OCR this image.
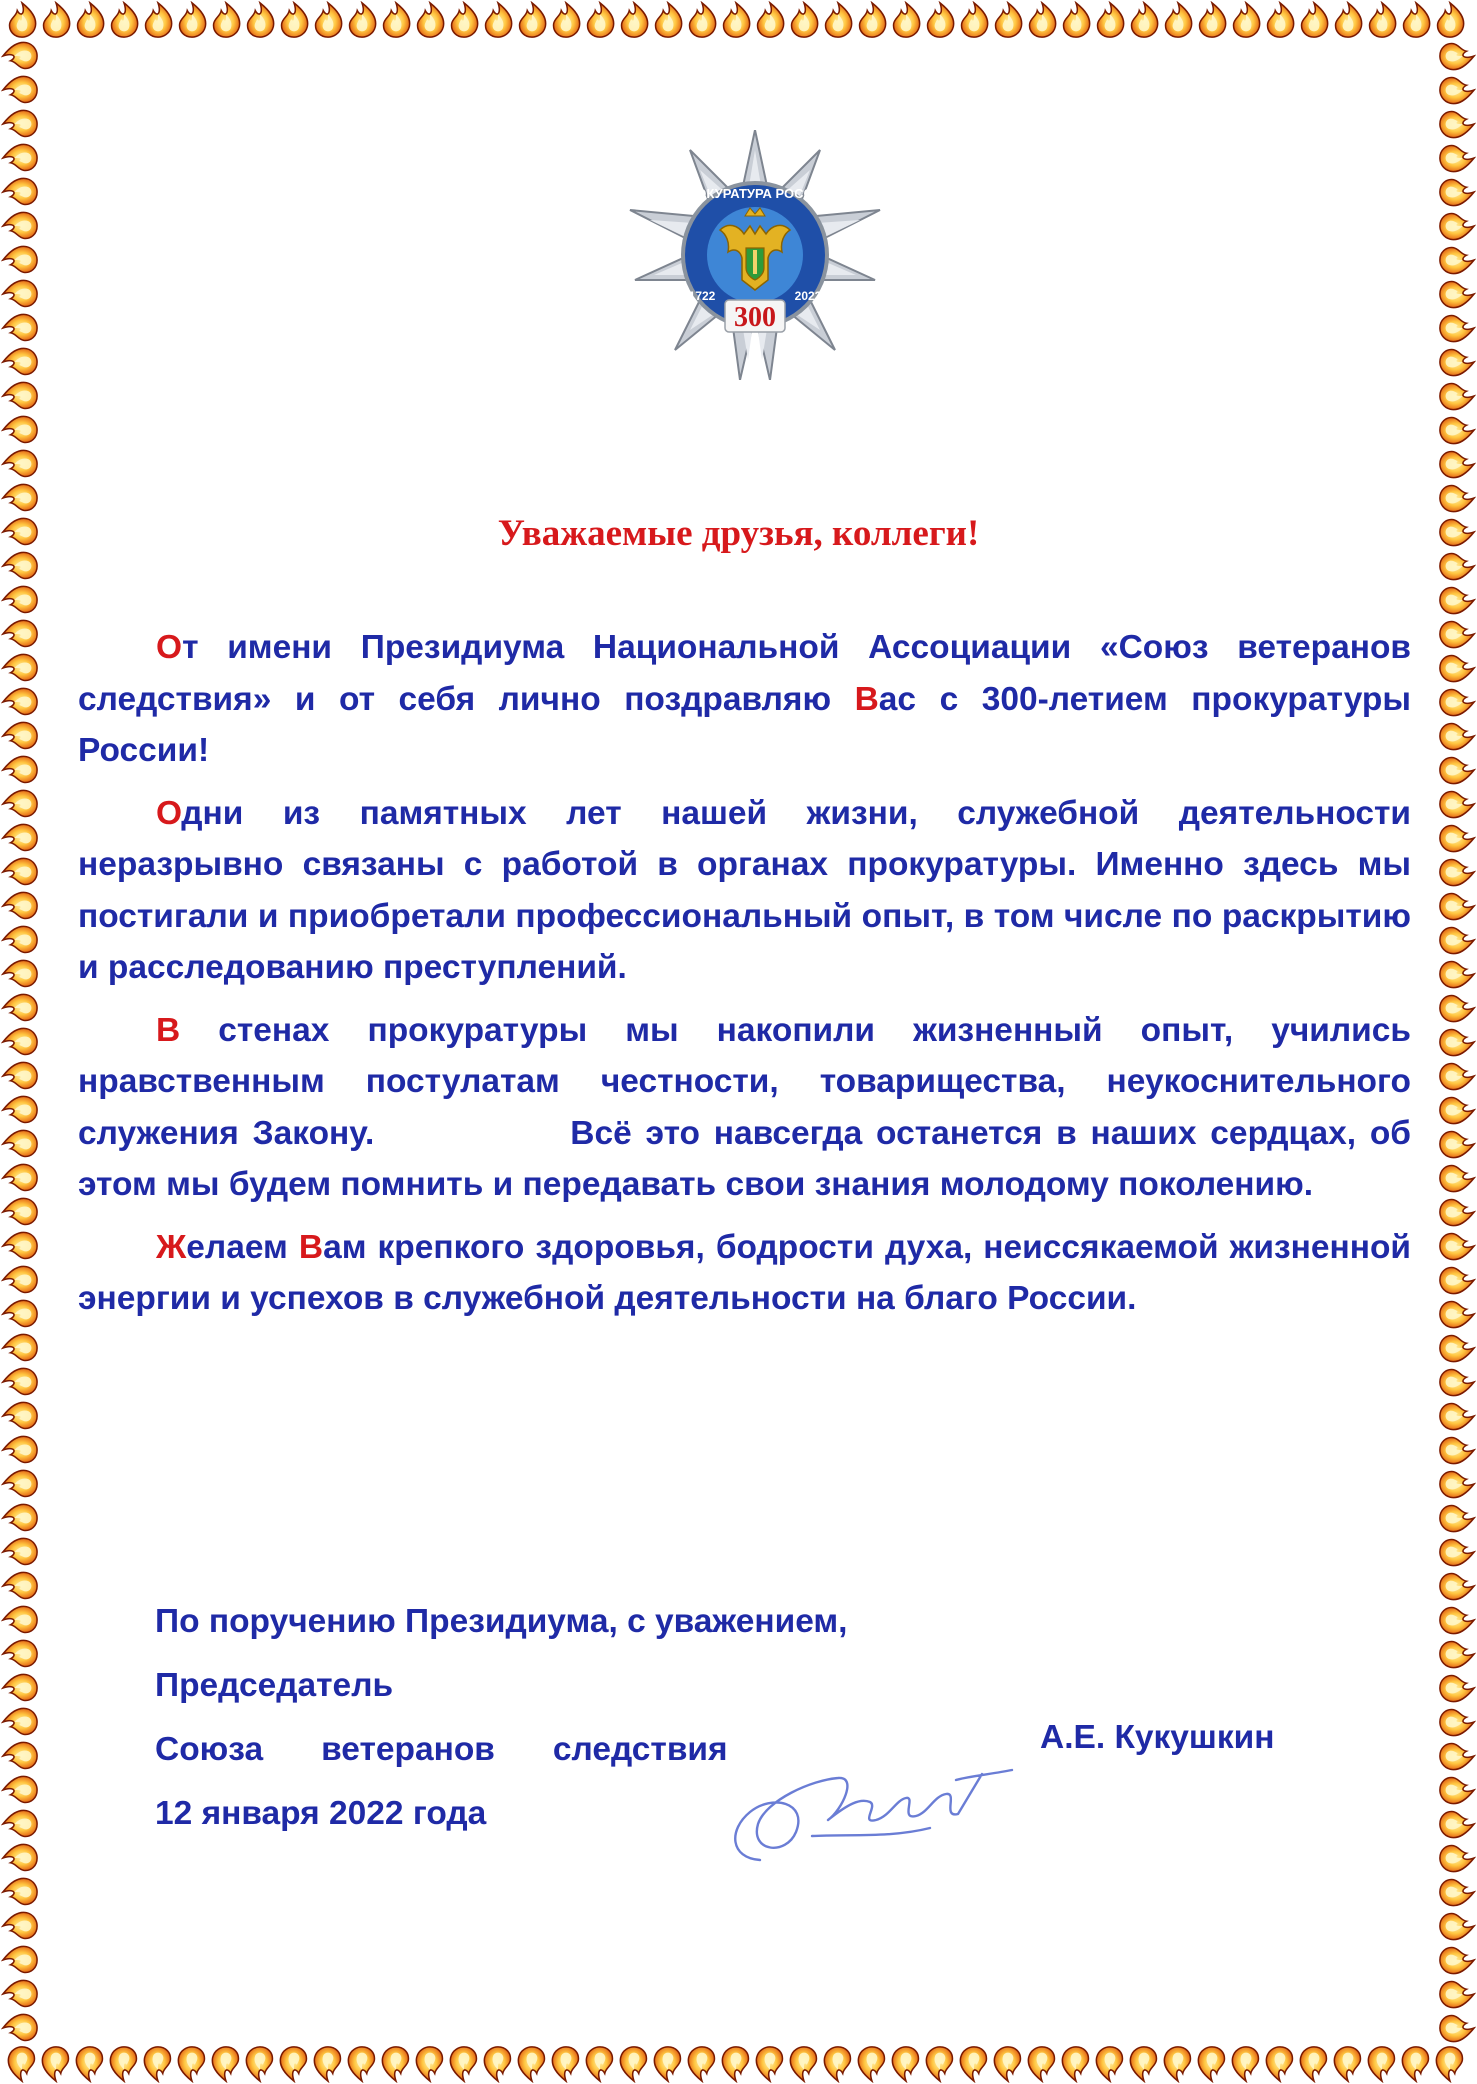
ПРОКУРАТУРА РОССИИ
1722	2022
300
Уважаемые друзья, коллеги!

От имени Президиума Национальной Ассоциации «Союз ветеранов следствия» и от себя лично поздравляю Вас с 300-летием прокуратуры России!

Одни из памятных лет нашей жизни, служебной деятельности неразрывно связаны с работой в органах прокуратуры. Именно здесь мы постигали и приобретали профессиональный опыт, в том числе по раскрытию и расследованию преступлений.

В стенах прокуратуры мы накопили жизненный опыт, учились нравственным постулатам честности, товарищества, неукоснительного служения Закону.	Всё это навсегда останется в наших сердцах, об этом мы будем помнить и передавать свои знания молодому поколению.

Желаем Вам крепкого здоровья, бодрости духа, неиссякаемой жизненной энергии и успехов в служебной деятельности на благо России.

По поручению Президиума, с уважением,
Председатель
Союза ветеранов следствия
12 января 2022 года
А.Е. Кукушкин
